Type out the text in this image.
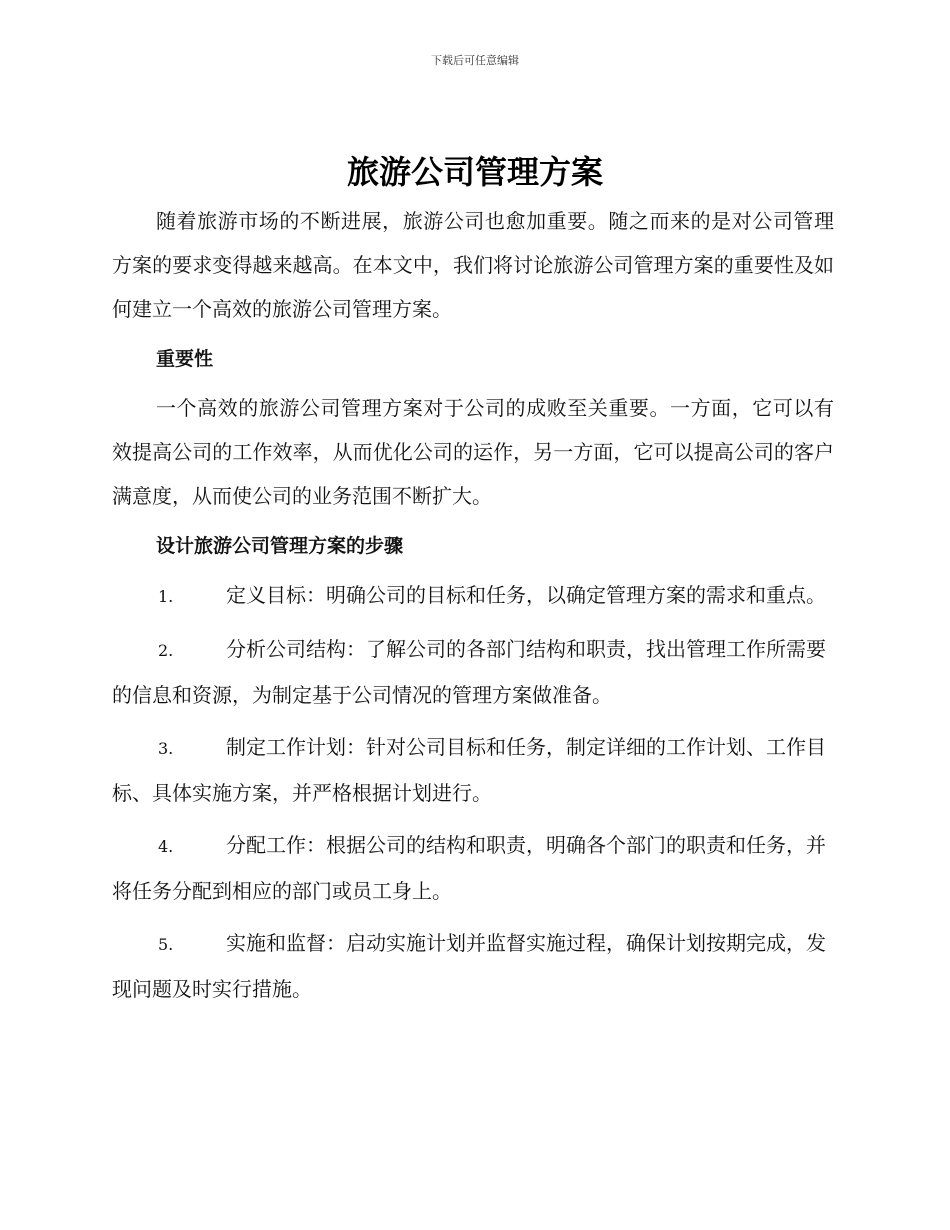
下载后可任意编辑
旅游公司管理方案

随着旅游市场的不断进展，旅游公司也愈加重要。随之而来的是对公司管理方案的要求变得越来越高。在本文中，我们将讨论旅游公司管理方案的重要性及如何建立一个高效的旅游公司管理方案。

重要性

一个高效的旅游公司管理方案对于公司的成败至关重要。一方面，它可以有效提高公司的工作效率，从而优化公司的运作，另一方面，它可以提高公司的客户满意度，从而使公司的业务范围不断扩大。

设计旅游公司管理方案的步骤

1.	定义目标：明确公司的目标和任务，以确定管理方案的需求和重点。

2.	分析公司结构：了解公司的各部门结构和职责，找出管理工作所需要的信息和资源，为制定基于公司情况的管理方案做准备。

3.	制定工作计划：针对公司目标和任务，制定详细的工作计划、工作目标、具体实施方案，并严格根据计划进行。

4.	分配工作：根据公司的结构和职责，明确各个部门的职责和任务，并将任务分配到相应的部门或员工身上。

5.	实施和监督：启动实施计划并监督实施过程，确保计划按期完成，发现问题及时实行措施。
